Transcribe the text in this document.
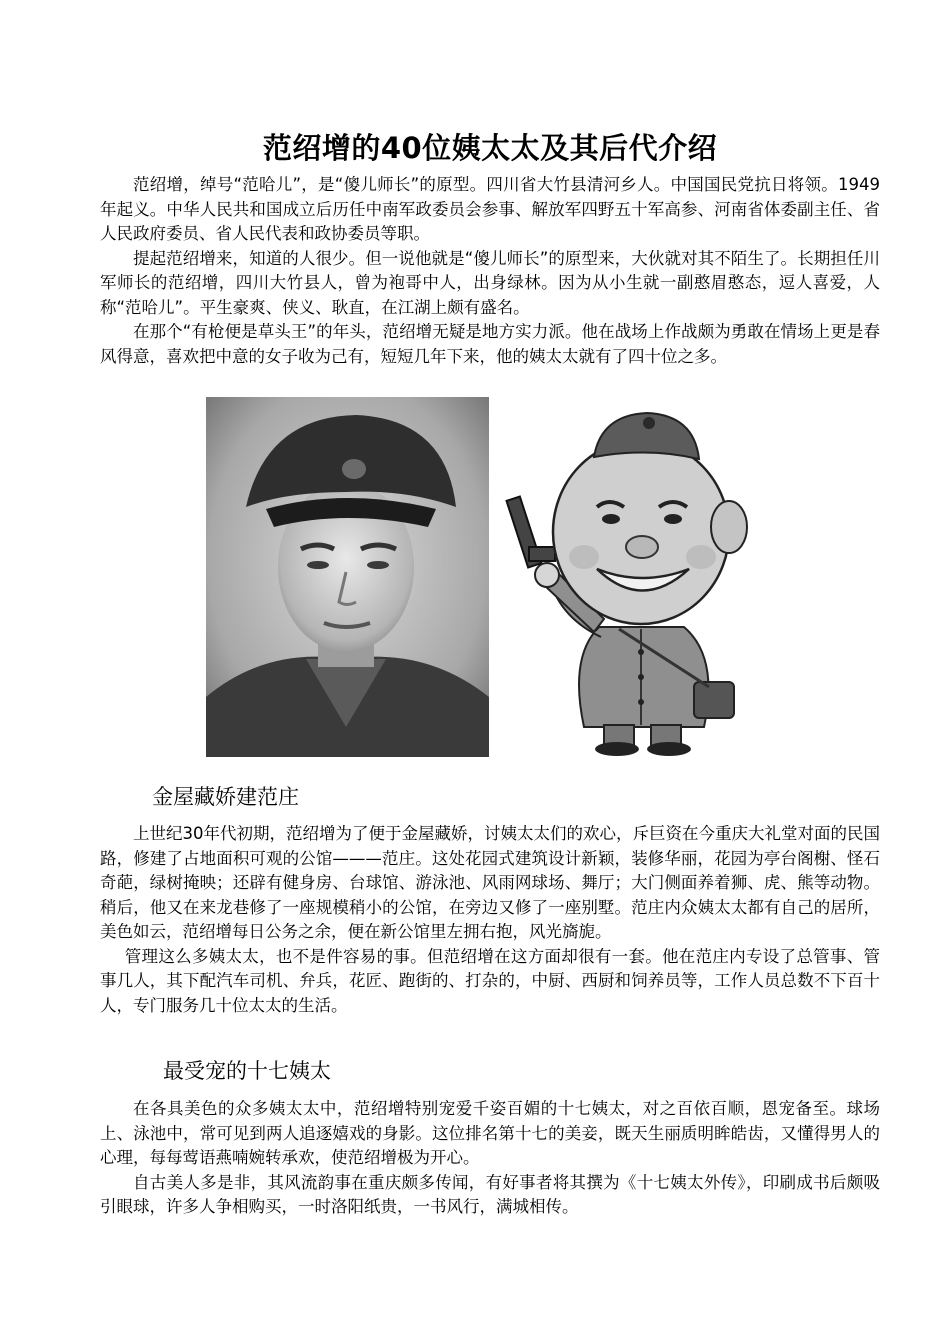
范绍增的40位姨太太及其后代介绍

范绍增，绰号“范哈儿”，是“傻儿师长”的原型。四川省大竹县清河乡人。中国国民党抗日将领。1949年起义。中华人民共和国成立后历任中南军政委员会参事、解放军四野五十军高参、河南省体委副主任、省人民政府委员、省人民代表和政协委员等职。

提起范绍增来，知道的人很少。但一说他就是“傻儿师长”的原型来，大伙就对其不陌生了。长期担任川军师长的范绍增，四川大竹县人，曾为袍哥中人，出身绿林。因为从小生就一副憨眉憨态，逗人喜爱，人称“范哈儿”。平生豪爽、侠义、耿直，在江湖上颇有盛名。

在那个“有枪便是草头王”的年头，范绍增无疑是地方实力派。他在战场上作战颇为勇敢在情场上更是春风得意，喜欢把中意的女子收为己有，短短几年下来，他的姨太太就有了四十位之多。

金屋藏娇建范庄

上世纪30年代初期，范绍增为了便于金屋藏娇，讨姨太太们的欢心，斥巨资在今重庆大礼堂对面的民国路，修建了占地面积可观的公馆———范庄。这处花园式建筑设计新颖，装修华丽，花园为亭台阁榭、怪石奇葩，绿树掩映；还辟有健身房、台球馆、游泳池、风雨网球场、舞厅；大门侧面养着狮、虎、熊等动物。稍后，他又在来龙巷修了一座规模稍小的公馆，在旁边又修了一座别墅。范庄内众姨太太都有自己的居所，美色如云，范绍增每日公务之余，便在新公馆里左拥右抱，风光旖旎。

管理这么多姨太太，也不是件容易的事。但范绍增在这方面却很有一套。他在范庄内专设了总管事、管事几人，其下配汽车司机、弁兵，花匠、跑街的、打杂的，中厨、西厨和饲养员等，工作人员总数不下百十人，专门服务几十位太太的生活。

最受宠的十七姨太

在各具美色的众多姨太太中，范绍增特别宠爱千姿百媚的十七姨太，对之百依百顺，恩宠备至。球场上、泳池中，常可见到两人追逐嬉戏的身影。这位排名第十七的美妾，既天生丽质明眸皓齿，又懂得男人的心理，每每莺语燕喃婉转承欢，使范绍增极为开心。

自古美人多是非，其风流韵事在重庆颇多传闻，有好事者将其撰为《十七姨太外传》，印刷成书后颇吸引眼球，许多人争相购买，一时洛阳纸贵，一书风行，满城相传。
